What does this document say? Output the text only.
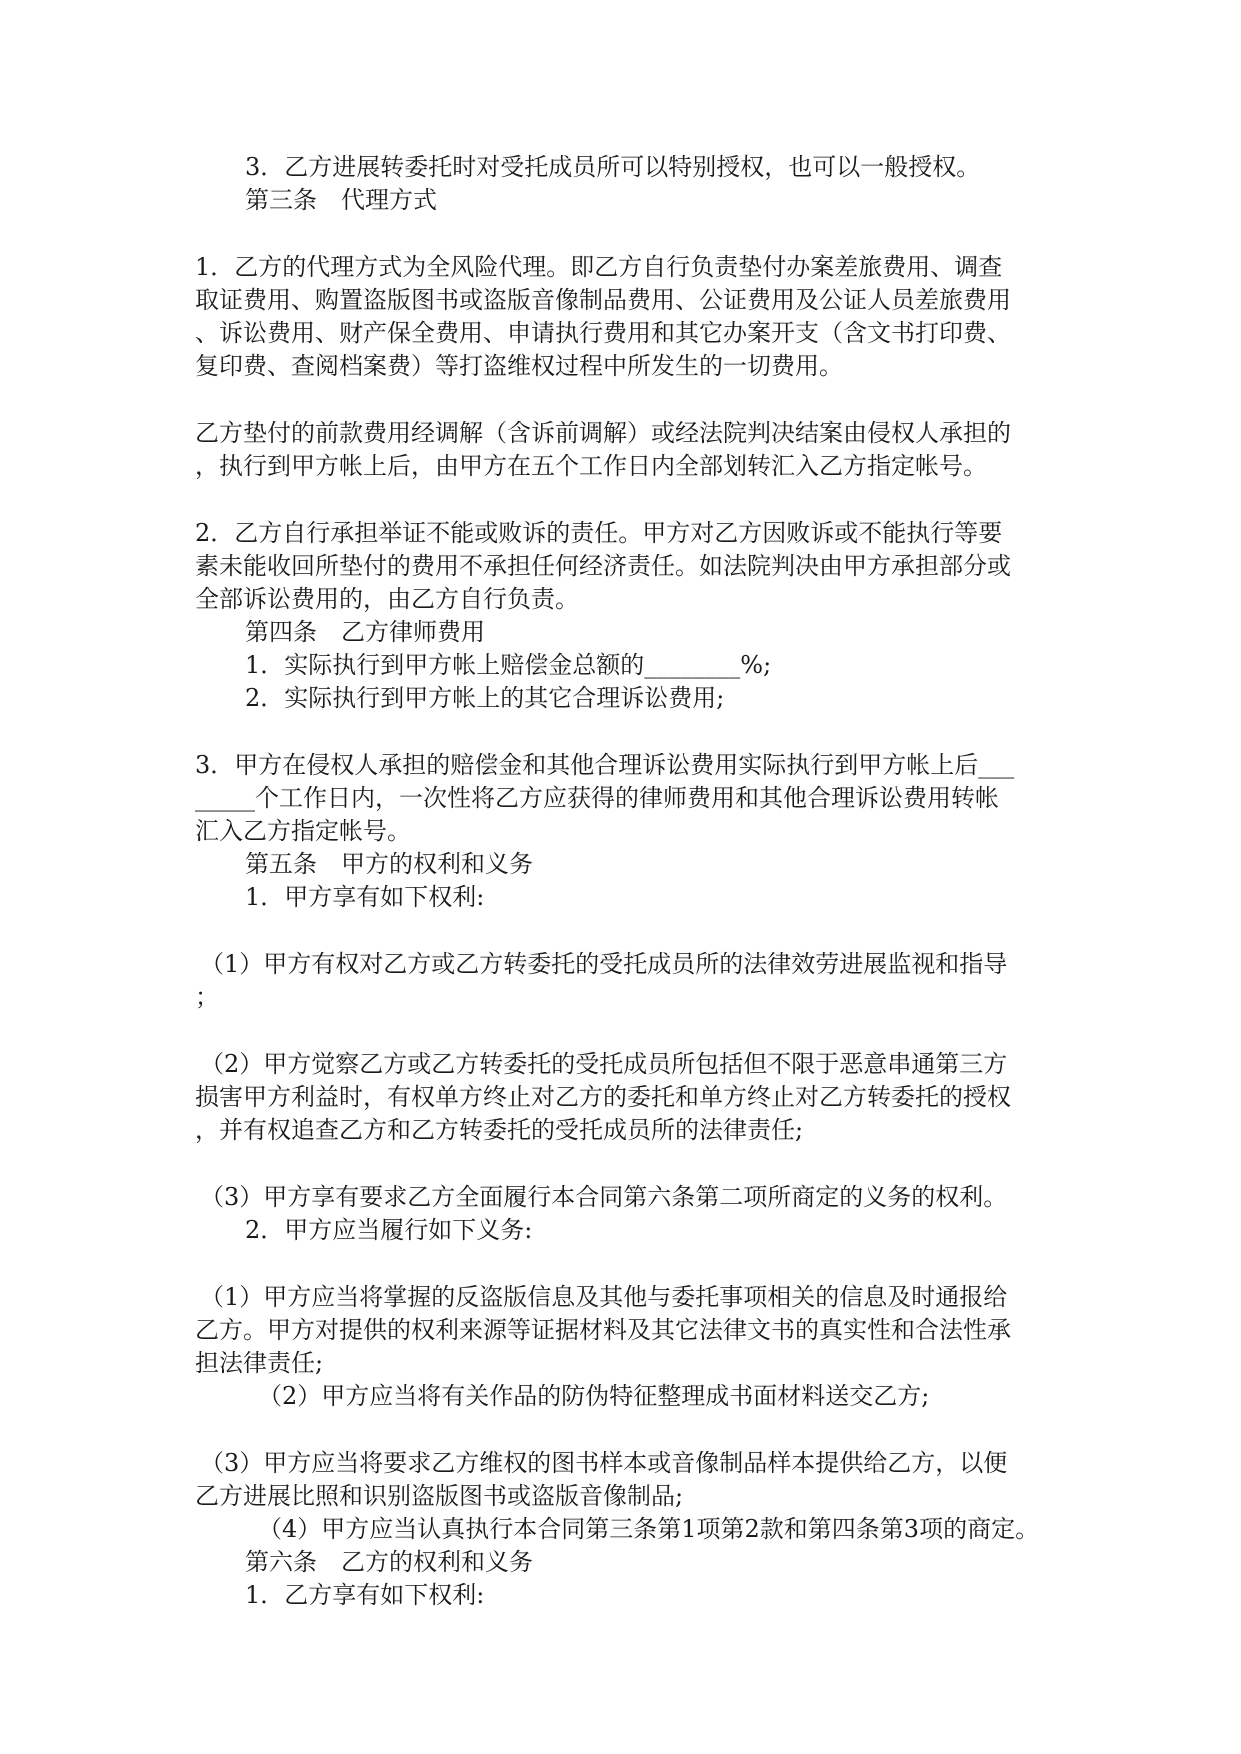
3．乙方进展转委托时对受托成员所可以特别授权，也可以一般授权。
第三条　代理方式
1．乙方的代理方式为全风险代理。即乙方自行负责垫付办案差旅费用、调查
取证费用、购置盗版图书或盗版音像制品费用、公证费用及公证人员差旅费用
、诉讼费用、财产保全费用、申请执行费用和其它办案开支（含文书打印费、
复印费、查阅档案费）等打盗维权过程中所发生的一切费用。
乙方垫付的前款费用经调解（含诉前调解）或经法院判决结案由侵权人承担的
，执行到甲方帐上后，由甲方在五个工作日内全部划转汇入乙方指定帐号。
2．乙方自行承担举证不能或败诉的责任。甲方对乙方因败诉或不能执行等要
素未能收回所垫付的费用不承担任何经济责任。如法院判决由甲方承担部分或
全部诉讼费用的，由乙方自行负责。
第四条　乙方律师费用
1．实际执行到甲方帐上赔偿金总额的________%;
2．实际执行到甲方帐上的其它合理诉讼费用;
3．甲方在侵权人承担的赔偿金和其他合理诉讼费用实际执行到甲方帐上后___
_____个工作日内，一次性将乙方应获得的律师费用和其他合理诉讼费用转帐
汇入乙方指定帐号。
第五条　甲方的权利和义务
1．甲方享有如下权利:
（1）甲方有权对乙方或乙方转委托的受托成员所的法律效劳进展监视和指导
；
（2）甲方觉察乙方或乙方转委托的受托成员所包括但不限于恶意串通第三方
损害甲方利益时，有权单方终止对乙方的委托和单方终止对乙方转委托的授权
，并有权追查乙方和乙方转委托的受托成员所的法律责任;
（3）甲方享有要求乙方全面履行本合同第六条第二项所商定的义务的权利。
2．甲方应当履行如下义务:
（1）甲方应当将掌握的反盗版信息及其他与委托事项相关的信息及时通报给
乙方。甲方对提供的权利来源等证据材料及其它法律文书的真实性和合法性承
担法律责任;
（2）甲方应当将有关作品的防伪特征整理成书面材料送交乙方;
（3）甲方应当将要求乙方维权的图书样本或音像制品样本提供给乙方，以便
乙方进展比照和识别盗版图书或盗版音像制品;
（4）甲方应当认真执行本合同第三条第1项第2款和第四条第3项的商定。
第六条　乙方的权利和义务
1．乙方享有如下权利:
